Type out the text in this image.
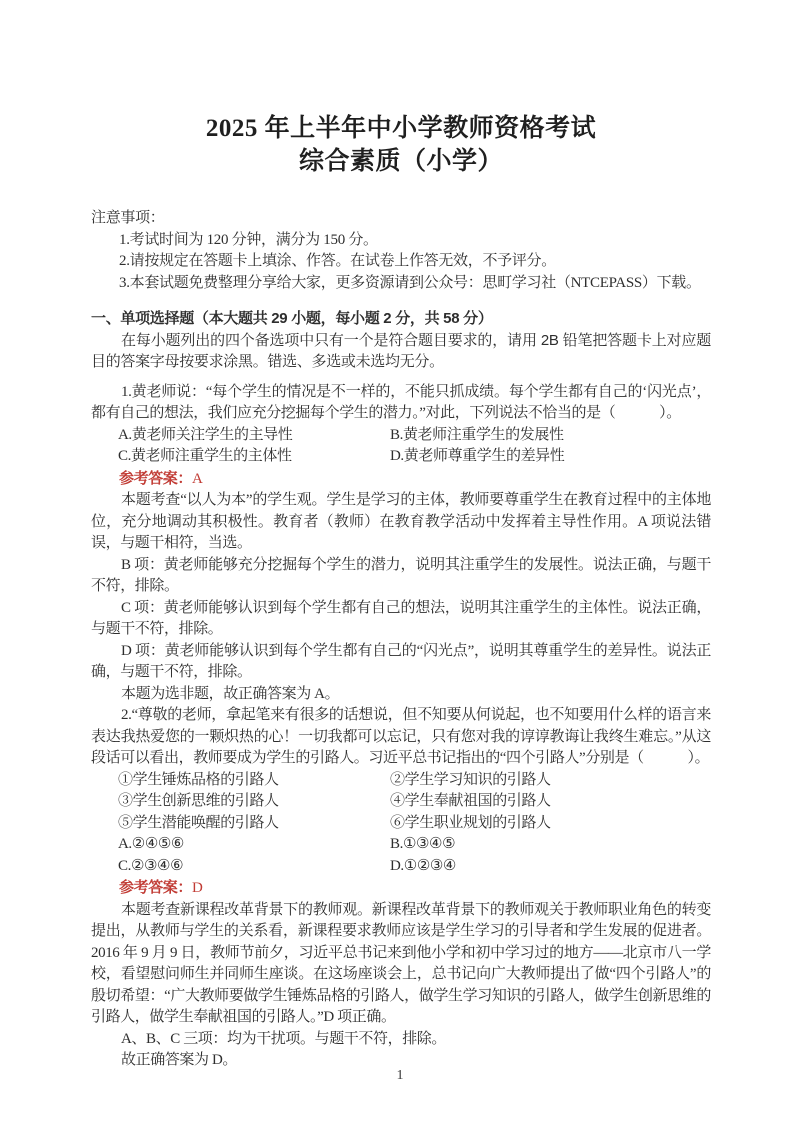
2025 年上半年中小学教师资格考试
综合素质（小学）
注意事项：
1.考试时间为 120 分钟，满分为 150 分。
2.请按规定在答题卡上填涂、作答。在试卷上作答无效，不予评分。
3.本套试题免费整理分享给大家，更多资源请到公众号：思町学习社（NTCEPASS）下载。
一、单项选择题（本大题共 29 小题，每小题 2 分，共 58 分）
在每小题列出的四个备选项中只有一个是符合题目要求的，请用 2B 铅笔把答题卡上对应题目的答案字母按要求涂黑。错选、多选或未选均无分。

1.黄老师说：“每个学生的情况是不一样的，不能只抓成绩。每个学生都有自己的‘闪光点’，都有自己的想法，我们应充分挖掘每个学生的潜力。”对此，下列说法不恰当的是（　　　）。

A.黄老师关注学生的主导性	B.黄老师注重学生的发展性
C.黄老师注重学生的主体性	D.黄老师尊重学生的差异性
参考答案：A

本题考查“以人为本”的学生观。学生是学习的主体，教师要尊重学生在教育过程中的主体地位，充分地调动其积极性。教育者（教师）在教育教学活动中发挥着主导性作用。A 项说法错误，与题干相符，当选。

B 项：黄老师能够充分挖掘每个学生的潜力，说明其注重学生的发展性。说法正确，与题干不符，排除。

C 项：黄老师能够认识到每个学生都有自己的想法，说明其注重学生的主体性。说法正确，与题干不符，排除。

D 项：黄老师能够认识到每个学生都有自己的“闪光点”，说明其尊重学生的差异性。说法正确，与题干不符，排除。

本题为选非题，故正确答案为 A。

2.“尊敬的老师，拿起笔来有很多的话想说，但不知要从何说起，也不知要用什么样的语言来表达我热爱您的一颗炽热的心！一切我都可以忘记，只有您对我的谆谆教诲让我终生难忘。”从这段话可以看出，教师要成为学生的引路人。习近平总书记指出的“四个引路人”分别是（　　　）。

①学生锤炼品格的引路人	②学生学习知识的引路人
③学生创新思维的引路人	④学生奉献祖国的引路人
⑤学生潜能唤醒的引路人	⑥学生职业规划的引路人
A.②④⑤⑥	B.①③④⑤
C.②③④⑥	D.①②③④
参考答案：D

本题考查新课程改革背景下的教师观。新课程改革背景下的教师观关于教师职业角色的转变提出，从教师与学生的关系看，新课程要求教师应该是学生学习的引导者和学生发展的促进者。2016 年 9 月 9 日，教师节前夕，习近平总书记来到他小学和初中学习过的地方——北京市八一学校，看望慰问师生并同师生座谈。在这场座谈会上，总书记向广大教师提出了做“四个引路人”的殷切希望：“广大教师要做学生锤炼品格的引路人，做学生学习知识的引路人，做学生创新思维的引路人，做学生奉献祖国的引路人。”D 项正确。

A、B、C 三项：均为干扰项。与题干不符，排除。

故正确答案为 D。

1
